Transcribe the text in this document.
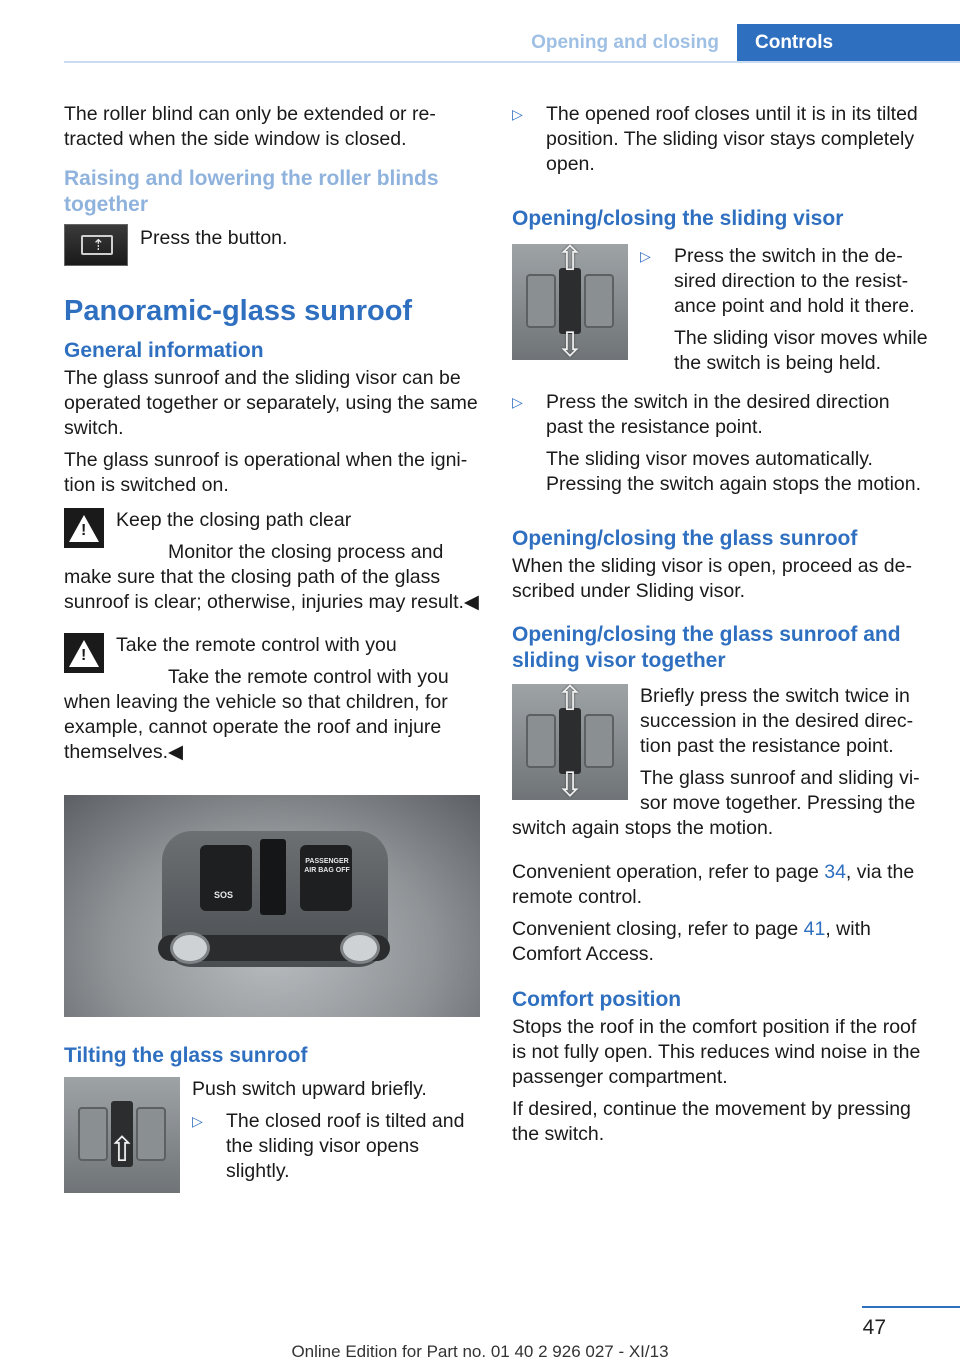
Opening and closing	Controls

The roller blind can only be extended or retracted when the side window is closed.

Raising and lowering the roller blinds together
⇡

Press the button.

Panoramic-glass sunroof
General information

The glass sunroof and the sliding visor can be operated together or separately, using the same switch.

The glass sunroof is operational when the ignition is switched on.

!

Keep the closing path clear

Monitor the closing process and make sure that the closing path of the glass sunroof is clear; otherwise, injuries may result.◀

!

Take the remote control with you

Take the remote control with you when leaving the vehicle so that children, for example, cannot operate the roof and injure themselves.◀

SOS
PASSENGER AIR BAG OFF
Tilting the glass sunroof
⇧

Push switch upward briefly.

▷	The closed roof is tilted and the sliding visor opens slightly.

▷	The opened roof closes until it is in its tilted position. The sliding visor stays completely open.

Opening/closing the sliding visor
⇧
⇩
▷	Press the switch in the desired direction to the resistance point and hold it there.

The sliding visor moves while the switch is being held.

▷	Press the switch in the desired direction past the resistance point.

The sliding visor moves automatically. Pressing the switch again stops the motion.

Opening/closing the glass sunroof

When the sliding visor is open, proceed as described under Sliding visor.

Opening/closing the glass sunroof and sliding visor together
⇧
⇩

Briefly press the switch twice in succession in the desired direction past the resistance point.

The glass sunroof and sliding visor move together. Pressing the switch again stops the motion.

Convenient operation, refer to page 34, via the remote control.

Convenient closing, refer to page 41, with Comfort Access.

Comfort position

Stops the roof in the comfort position if the roof is not fully open. This reduces wind noise in the passenger compartment.

If desired, continue the movement by pressing the switch.

47
Online Edition for Part no. 01 40 2 926 027 - XI/13
